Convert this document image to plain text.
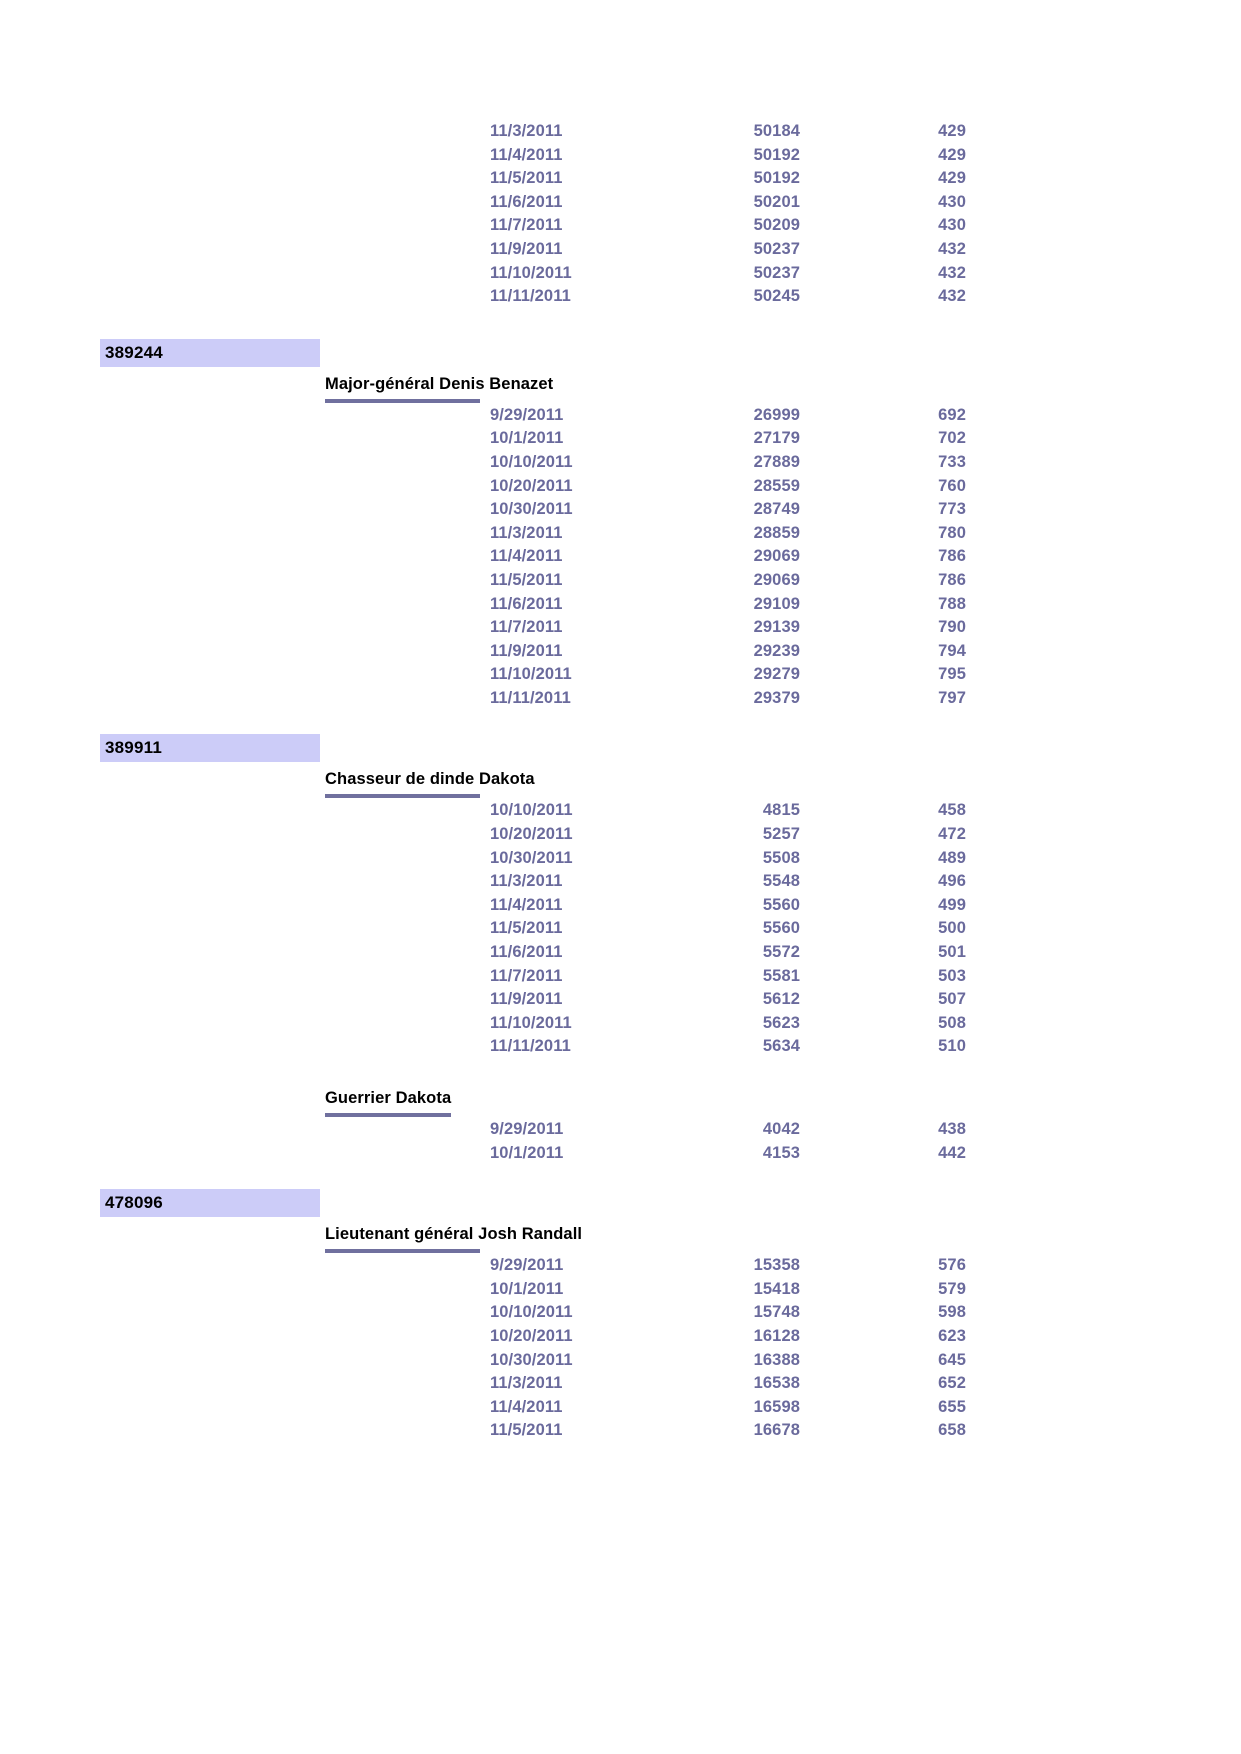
11/3/2011	50184	429
11/4/2011	50192	429
11/5/2011	50192	429
11/6/2011	50201	430
11/7/2011	50209	430
11/9/2011	50237	432
11/10/2011	50237	432
11/11/2011	50245	432
389244
Major-général Denis Benazet
9/29/2011	26999	692
10/1/2011	27179	702
10/10/2011	27889	733
10/20/2011	28559	760
10/30/2011	28749	773
11/3/2011	28859	780
11/4/2011	29069	786
11/5/2011	29069	786
11/6/2011	29109	788
11/7/2011	29139	790
11/9/2011	29239	794
11/10/2011	29279	795
11/11/2011	29379	797
389911
Chasseur de dinde Dakota
10/10/2011	4815	458
10/20/2011	5257	472
10/30/2011	5508	489
11/3/2011	5548	496
11/4/2011	5560	499
11/5/2011	5560	500
11/6/2011	5572	501
11/7/2011	5581	503
11/9/2011	5612	507
11/10/2011	5623	508
11/11/2011	5634	510
Guerrier Dakota
9/29/2011	4042	438
10/1/2011	4153	442
478096
Lieutenant général Josh Randall
9/29/2011	15358	576
10/1/2011	15418	579
10/10/2011	15748	598
10/20/2011	16128	623
10/30/2011	16388	645
11/3/2011	16538	652
11/4/2011	16598	655
11/5/2011	16678	658
